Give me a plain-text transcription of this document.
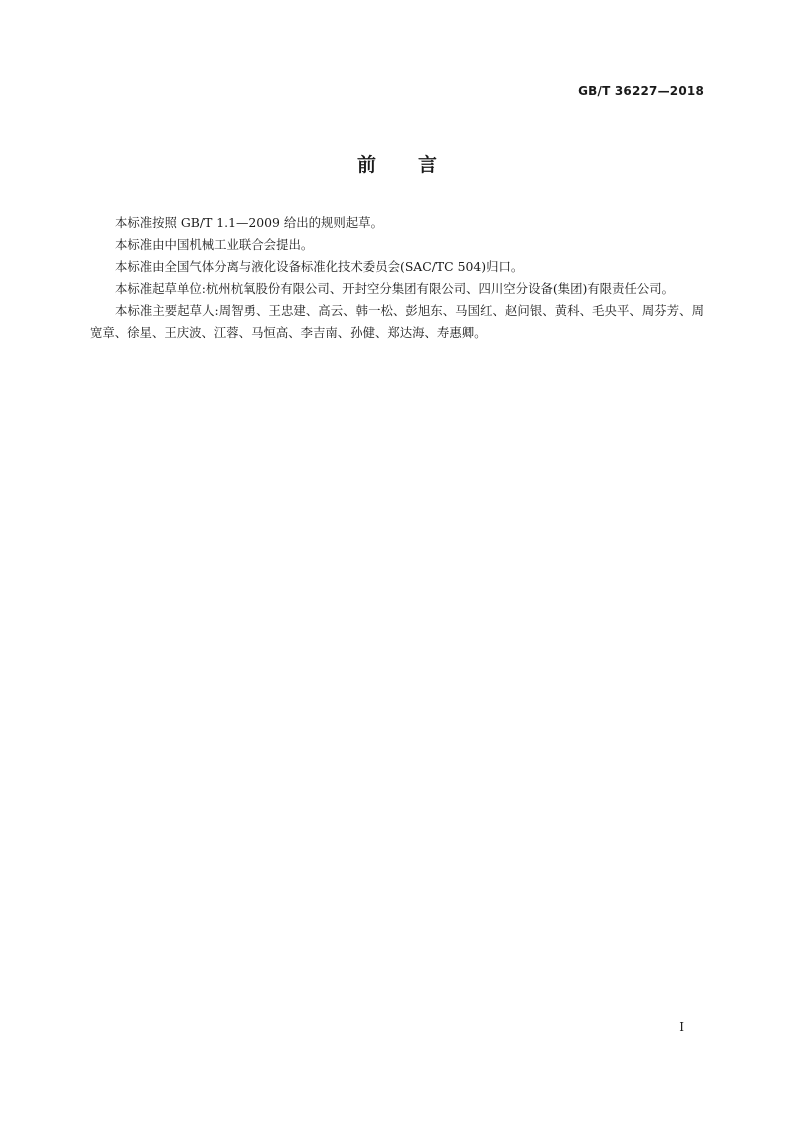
GB/T 36227—2018
前言

本标准按照 GB/T 1.1—2009 给出的规则起草。

本标准由中国机械工业联合会提出。

本标准由全国气体分离与液化设备标准化技术委员会(SAC/TC 504)归口。

本标准起草单位:杭州杭氧股份有限公司、开封空分集团有限公司、四川空分设备(集团)有限责任公司。

本标准主要起草人:周智勇、王忠建、高云、韩一松、彭旭东、马国红、赵问银、黄科、毛央平、周芬芳、周宽章、徐星、王庆波、江蓉、马恒高、李吉南、孙健、郑达海、寿惠卿。

I
